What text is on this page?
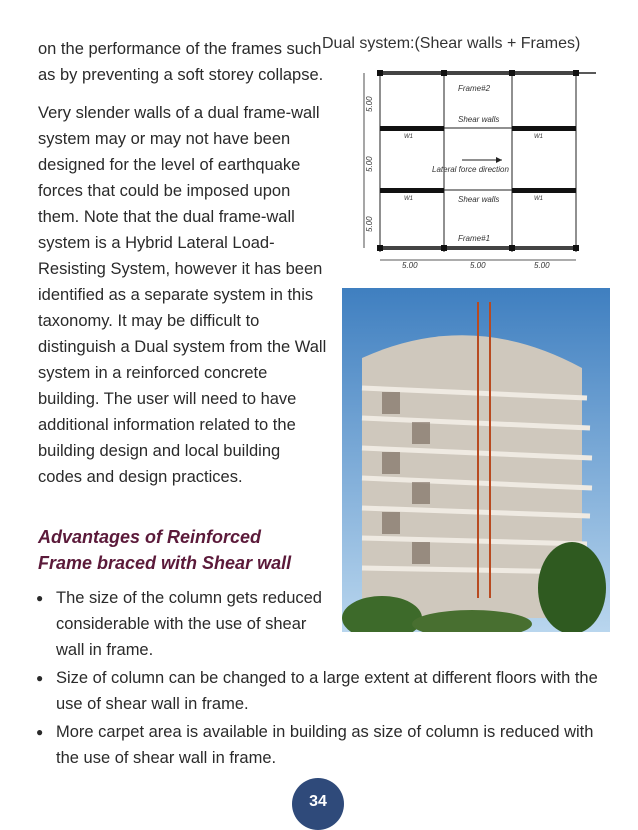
on the performance of the frames such as by preventing a soft storey collapse.

Very slender walls of a dual frame-wall system may or may not have been designed for the level of earthquake forces that could be imposed upon them. Note that the dual frame-wall system is a Hybrid Lateral Load-Resisting System, however it has been identified as a separate system in this taxonomy. It may be difficult to distinguish a Dual system from the Wall system in a reinforced concrete building. The user will need to have additional information related to the building design and local building codes and design practices.

Advantages of Reinforced
Frame braced with Shear wall
● The size of the column gets reduced considerable with the use of shear wall in frame.
● Size of column can be changed to a large extent at different floors with the use of shear wall in frame.
● More carpet area is available in building as size of column is reduced with the use of shear wall in frame.
Dual system:(Shear walls + Frames)
Frame#2
Shear walls
Lateral force direction
Shear walls
Frame#1
W1	W1
W1	W1
5.00	5.00	5.00
5.00
5.00
5.00
34
